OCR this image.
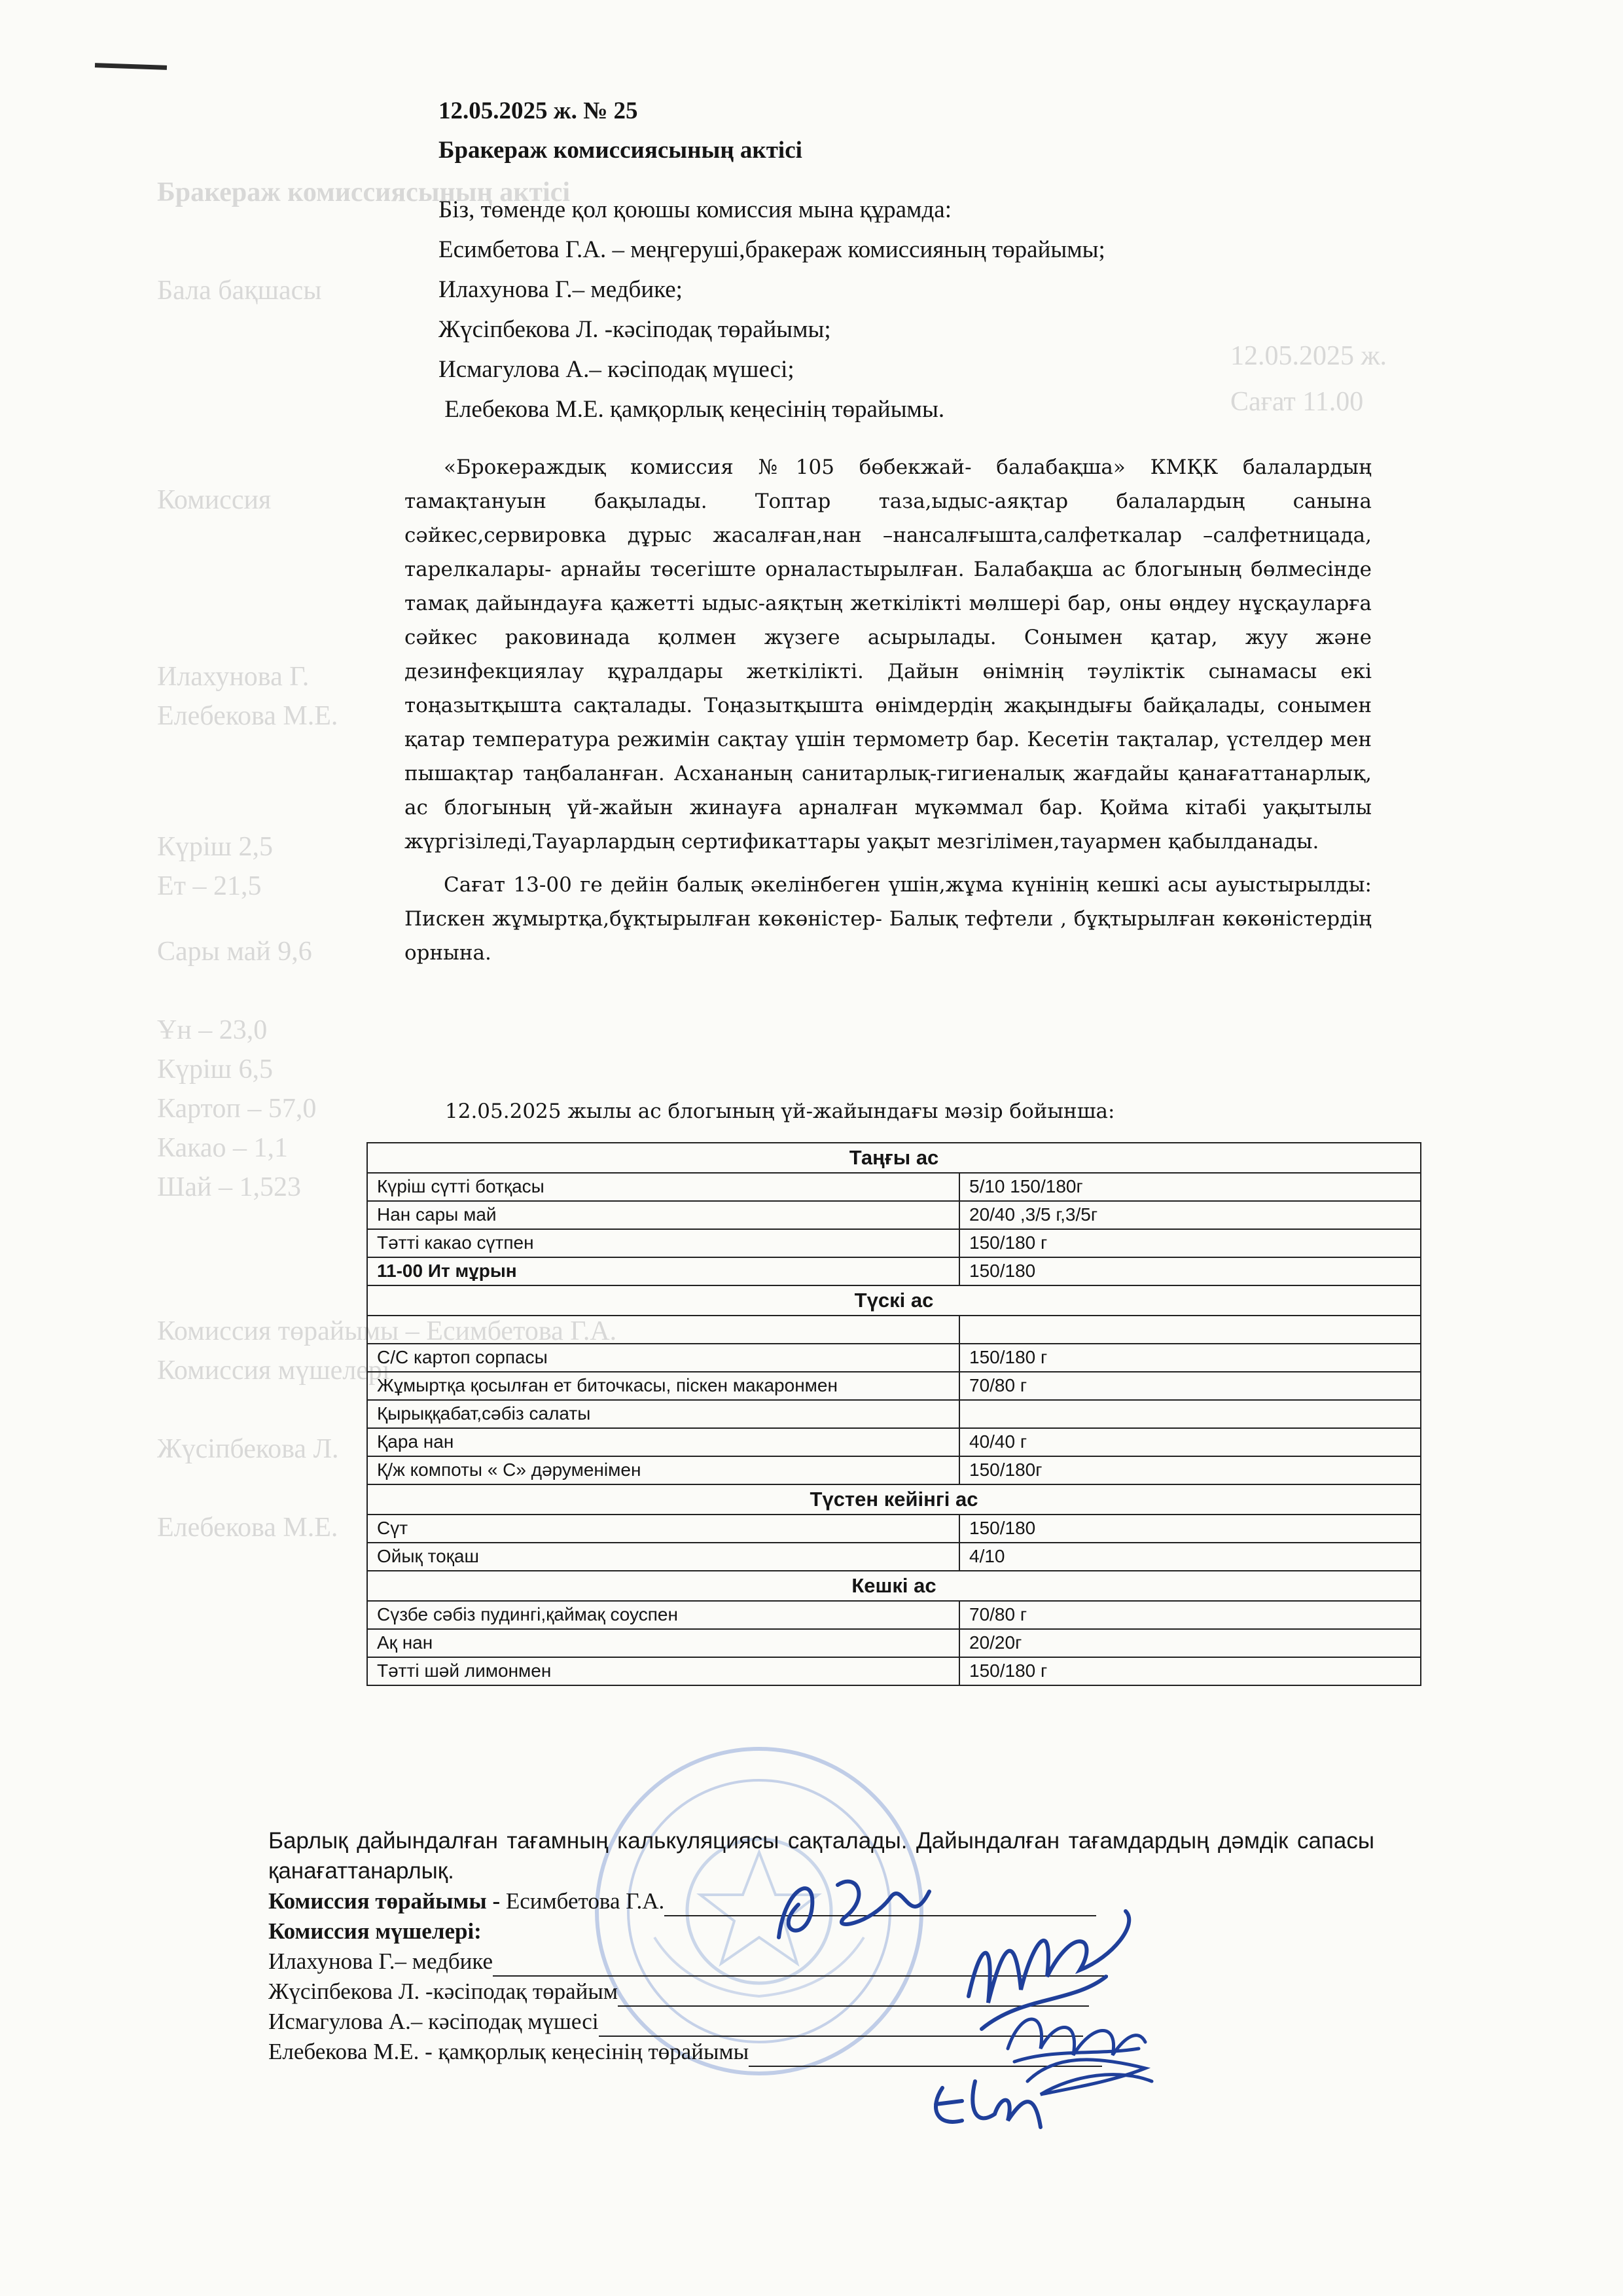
Бракераж комиссиясының актісі
Бала бақшасы
12.05.2025 ж.
Сағат 11.00
Комиссия
Илахунова Г.
Елебекова М.Е.
Күріш 2,5
Ет – 21,5
Сары май 9,6
Ұн – 23,0
Күріш 6,5
Картоп – 57,0
Какао – 1,1
Шай – 1,523
Комиссия төрайымы – Есимбетова Г.А.
Комиссия мүшелері
Жүсіпбекова Л.
Елебекова М.Е.
12.05.2025 ж. № 25
Бракераж комиссиясының актісі
Біз, төменде қол қоюшы комиссия мына құрамда:
Есимбетова Г.А. – меңгеруші,бракераж комиссияның төрайымы;
Илахунова Г.– медбике;
Жүсіпбекова Л. -кәсіподақ төрайымы;
Исмагулова А.– кәсіподақ мүшесі;
Елебекова М.Е. қамқорлық кеңесінің төрайымы.

«Брокераждық комиссия №105 бөбекжай- балабақша» КМҚК балалардың тамақтануын бақылады. Топтар таза,ыдыс-аяқтар балалардың санына сәйкес,сервировка дұрыс жасалған,нан –нансалғышта,салфеткалар –салфетницада, тарелкалары- арнайы төсегіште орналастырылған. Балабақша ас блогының бөлмесінде тамақ дайындауға қажетті ыдыс-аяқтың жеткілікті мөлшері бар, оны өңдеу нұсқауларға сәйкес раковинада қолмен жүзеге асырылады. Сонымен қатар, жуу және дезинфекциялау құралдары жеткілікті. Дайын өнімнің тәуліктік сынамасы екі тоңазытқышта сақталады. Тоңазытқышта өнімдердің жақындығы байқалады, сонымен қатар температура режимін сақтау үшін термометр бар. Кесетін тақталар, үстелдер мен пышақтар таңбаланған. Асхананың санитарлық-гигиеналық жағдайы қанағаттанарлық, ас блогының үй-жайын жинауға арналған мүкәммал бар. Қойма кітабі уақытылы жүргізіледі,Тауарлардың сертификаттары уақыт мезгілімен,тауармен қабылданады.

Сағат 13-00 ге дейін балық әкелінбеген үшін,жұма күнінің кешкі асы ауыстырылды: Пискен жұмыртқа,бұқтырылған көкөністер- Балық тефтели , бұқтырылған көкөністердің орнына.

12.05.2025 жылы ас блогының үй-жайындағы мәзір бойынша:
Таңғы ас	
Күріш сүтті ботқасы	5/10 150/180г
Нан сары май	20/40 ,3/5 г,3/5г
Тәтті какао сүтпен	150/180 г
11-00 Ит мұрын	150/180
Түскі ас	

С/С картоп сорпасы	150/180 г
Жұмыртқа қосылған ет биточкасы, піскен макаронмен	70/80 г
Қырыққабат,сәбіз салаты	
Қара нан	40/40 г
Қ/ж компоты « С» дәруменімен	150/180г
Түстен кейінгі ас	
Сүт	150/180
Ойық тоқаш	4/10
Кешкі ас	
Сүзбе сәбіз пудингі,қаймақ соуспен	70/80 г
Ақ нан	20/20г
Тәтті шәй лимонмен	150/180 г
Барлық дайындалған тағамның калькуляциясы сақталады. Дайындалған тағамдардың дәмдік сапасы қанағаттанарлық.
Комиссия төрайымы - Есимбетова Г.А.
Комиссия мүшелері:
Илахунова Г.– медбике
Жүсіпбекова Л. -кәсіподақ төрайым
Исмагулова А.– кәсіподақ мүшесі
Елебекова М.Е. - қамқорлық кеңесінің төрайымы
